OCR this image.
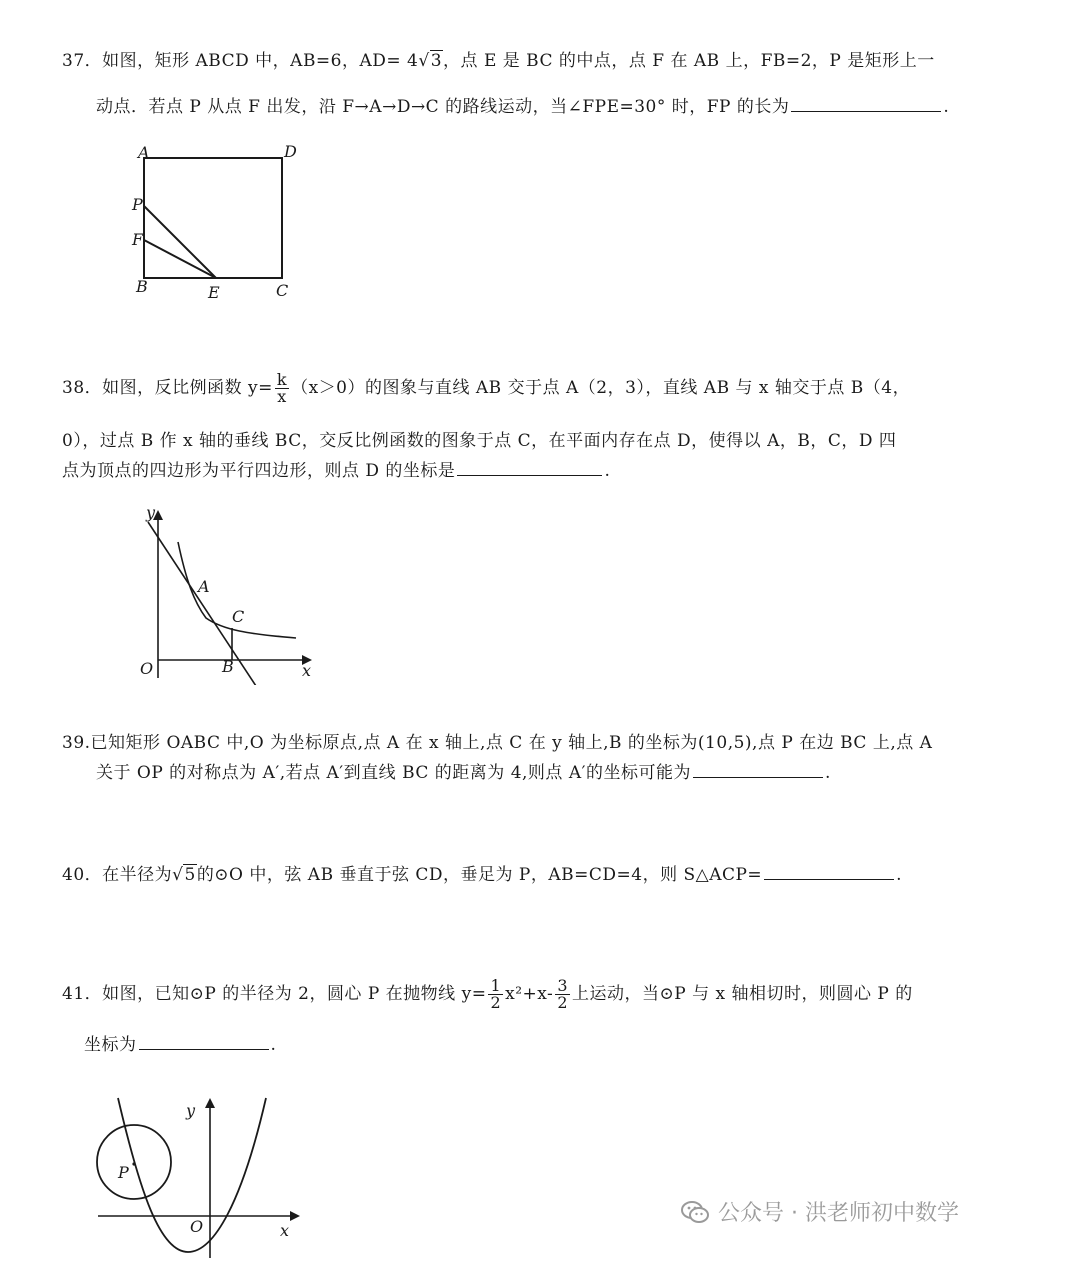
37．如图，矩形 ABCD 中，AB=6，AD= 4√3，点 E 是 BC 的中点，点 F 在 AB 上，FB=2，P 是矩形上一
动点．若点 P 从点 F 出发，沿 F→A→D→C 的路线运动，当∠FPE=30° 时，FP 的长为	.
A	D
P
F
B	E	C
38．如图，反比例函数 $y= \frac{k}{x} (x>0)$的图象与直线 AB 交于点 A（2，3），直线 AB 与 x 轴交于点 B（4，
0），过点 B 作 x 轴的垂线 BC，交反比例函数的图象于点 C，在平面内存在点 D，使得以 A，B，C，D 四
点为顶点的四边形为平行四边形，则点 D 的坐标是	.
y
A
C
O	B	x
39.已知矩形 OABC 中,O 为坐标原点,点 A 在 x 轴上,点 C 在 y 轴上,B 的坐标为(10,5),点 P 在边 BC 上,点 A
关于 OP 的对称点为 A′,若点 A′到直线 BC 的距离为 4,则点 A′的坐标可能为	.
40．在半径为√5的⊙O 中，弦 AB 垂直于弦 CD，垂足为 P，AB=CD=4，则 S△ACP=	.
41．如图，已知⊙P 的半径为 2，圆心 P 在抛物线 $y= \frac{1}{2} x^2+x- \frac{3}{2}$ 上运动，当⊙P 与 x 轴相切时，则圆心 P 的
坐标为	.
y
P
O	x
公众号 · 洪老师初中数学
